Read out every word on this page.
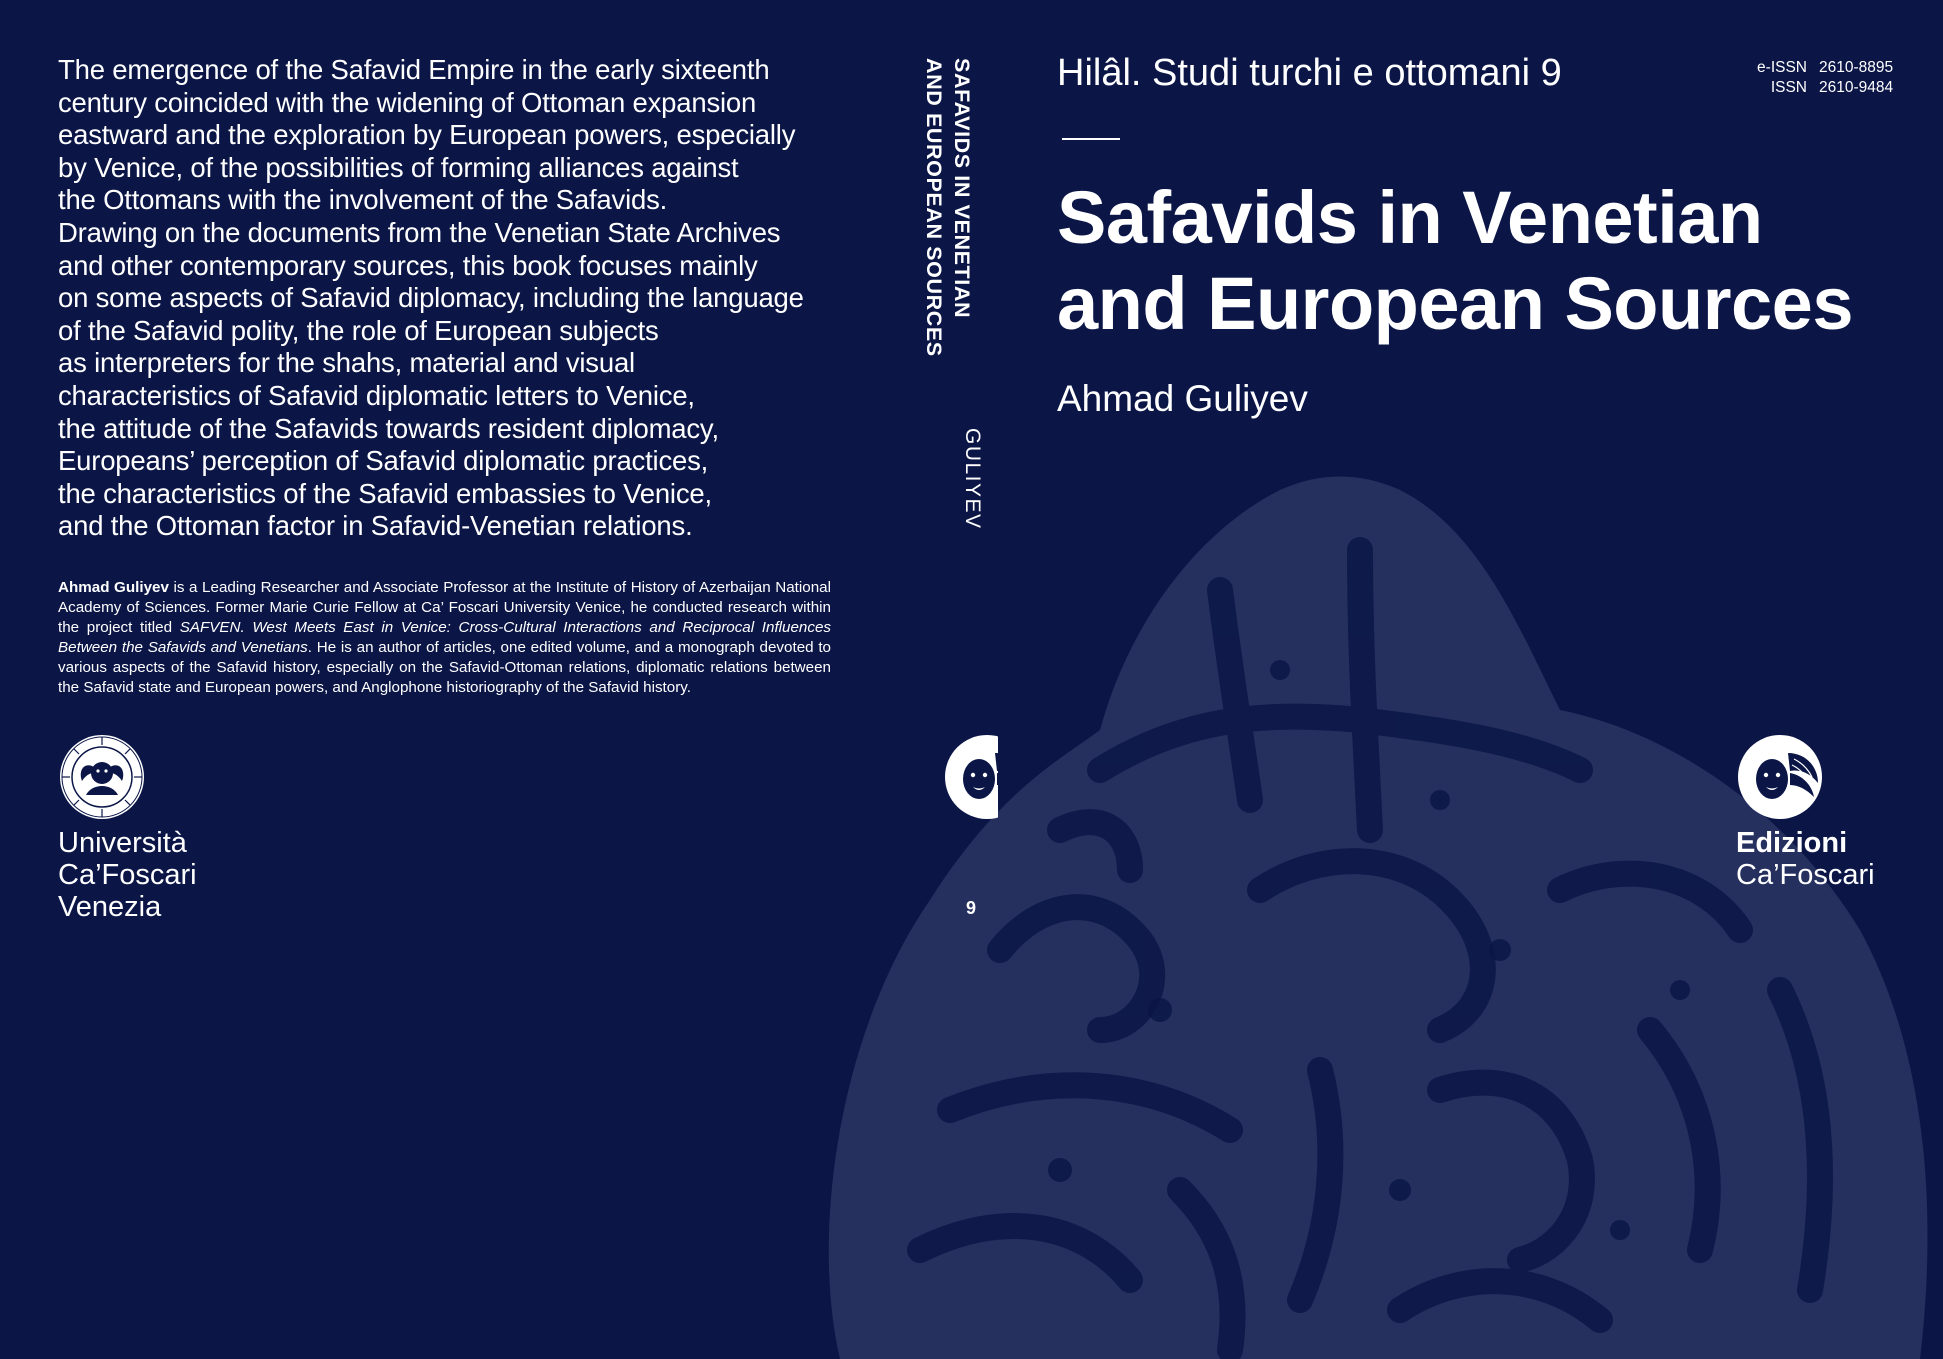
The emergence of the Safavid Empire in the early sixteenth
century coincided with the widening of Ottoman expansion
eastward and the exploration by European powers, especially
by Venice, of the possibilities of forming alliances against
the Ottomans with the involvement of the Safavids.
Drawing on the documents from the Venetian State Archives
and other contemporary sources, this book focuses mainly
on some aspects of Safavid diplomacy, including the language
of the Safavid polity, the role of European subjects
as interpreters for the shahs, material and visual
characteristics of Safavid diplomatic letters to Venice,
the attitude of the Safavids towards resident diplomacy,
Europeans’ perception of Safavid diplomatic practices,
the characteristics of the Safavid embassies to Venice,
and the Ottoman factor in Safavid-Venetian relations.

Ahmad Guliyev is a Leading Researcher and Associate Professor at the Institute of History of Azerbaijan National Academy of Sciences. Former Marie Curie Fellow at Ca’ Foscari University Venice, he conducted research within the project titled SAFVEN. West Meets East in Venice: Cross-Cultural Interactions and Reciprocal Influences Between the Safavids and Venetians. He is an author of articles, one edited volume, and a monograph devoted to various aspects of the Safavid history, especially on the Safavid-Ottoman relations, diplomatic relations between the Safavid state and European powers, and Anglophone historiography of the Safavid history.

Università
Ca’Foscari
Venezia

SAFAVIDS IN VENETIAN
AND EUROPEAN SOURCES
GULIYEV
9
Hilâl. Studi turchi e ottomani 9	e-ISSN 2610-8895
ISSN 2610-9484
Safavids in Venetian
and European Sources

Ahmad Guliyev

Edizioni
Ca’Foscari
